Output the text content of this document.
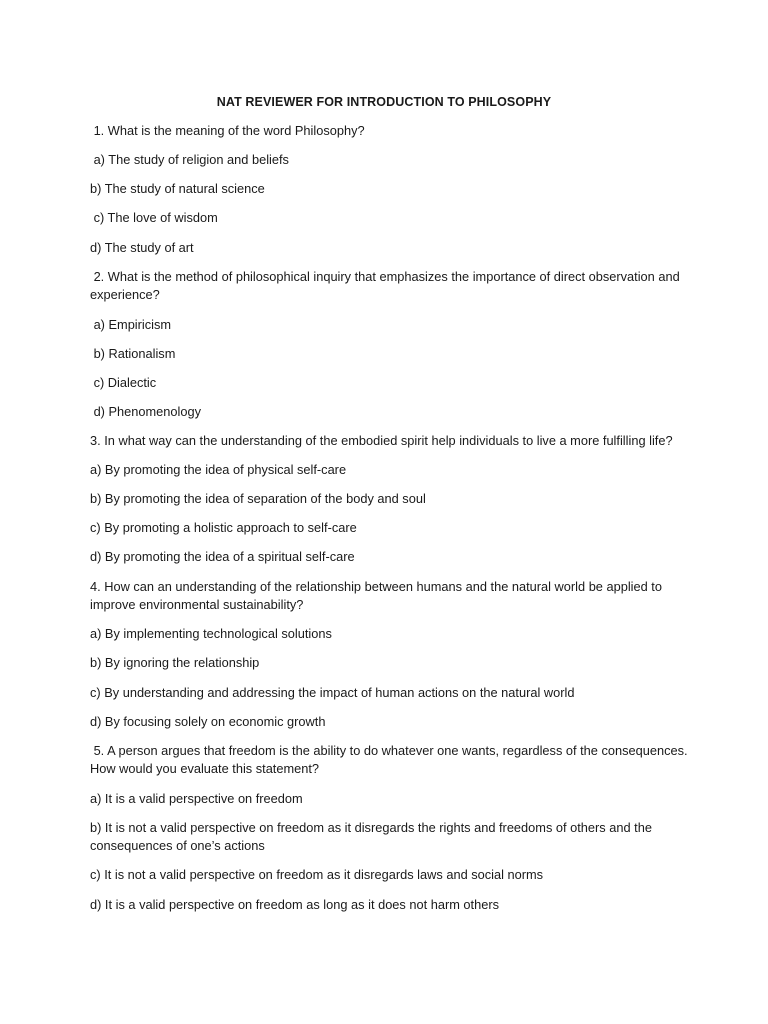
NAT REVIEWER FOR INTRODUCTION TO PHILOSOPHY
1. What is the meaning of the word Philosophy?
a) The study of religion and beliefs
b) The study of natural science
c) The love of wisdom
d) The study of art
2. What is the method of philosophical inquiry that emphasizes the importance of direct observation and experience?
a) Empiricism
b) Rationalism
c) Dialectic
d) Phenomenology
3. In what way can the understanding of the embodied spirit help individuals to live a more fulfilling life?
a) By promoting the idea of physical self-care
b) By promoting the idea of separation of the body and soul
c) By promoting a holistic approach to self-care
d) By promoting the idea of a spiritual self-care
4. How can an understanding of the relationship between humans and the natural world be applied to improve environmental sustainability?
a) By implementing technological solutions
b) By ignoring the relationship
c) By understanding and addressing the impact of human actions on the natural world
d) By focusing solely on economic growth
5. A person argues that freedom is the ability to do whatever one wants, regardless of the consequences. How would you evaluate this statement?
a) It is a valid perspective on freedom
b) It is not a valid perspective on freedom as it disregards the rights and freedoms of others and the consequences of one’s actions
c) It is not a valid perspective on freedom as it disregards laws and social norms
d) It is a valid perspective on freedom as long as it does not harm others
